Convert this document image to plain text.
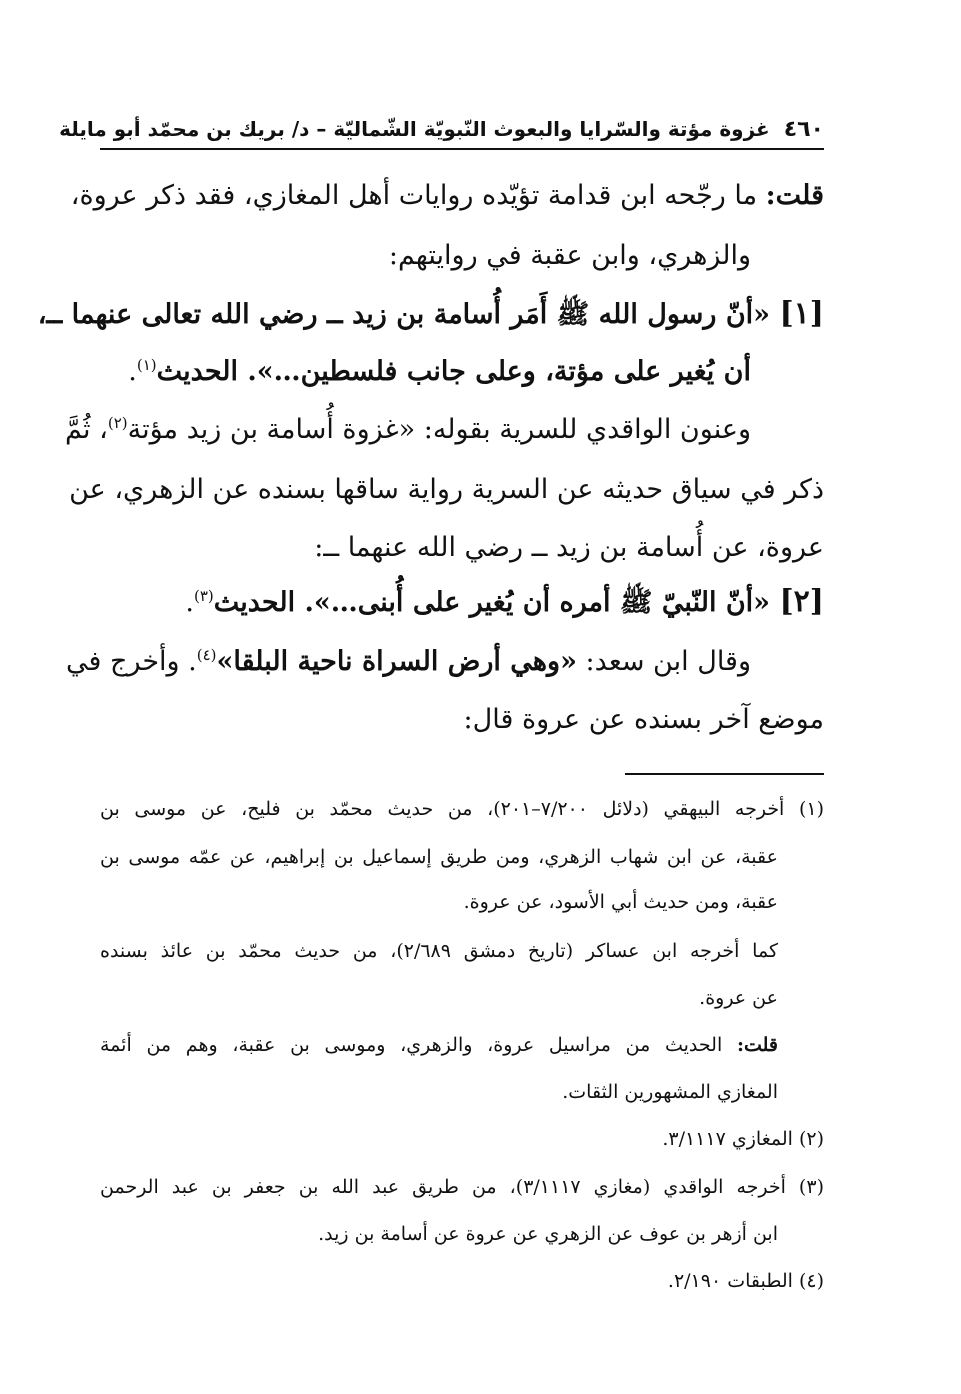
٤٦٠
غزوة مؤتة والسّرايا والبعوث النّبويّة الشّماليّة – د/ بريك بن محمّد أبو مايلة
قلت: ما رجّحه ابن قدامة تؤيّده روايات أهل المغازي، فقد ذكر عروة،
والزهري، وابن عقبة في روايتهم:
[١] «أنّ رسول الله ﷺ أَمَر أُسامة بن زيد ــ رضي الله تعالى عنهما ــ،
أن يُغير على مؤتة، وعلى جانب فلسطين…». الحديث$^{(١)}$.
وعنون الواقدي للسرية بقوله: «غزوة أُسامة بن زيد مؤتة$^{(٢)}$، ثُمَّ
ذكر في سياق حديثه عن السرية رواية ساقها بسنده عن الزهري، عن
عروة، عن أُسامة بن زيد ــ رضي الله عنهما ــ:
[٢] «أنّ النّبيّ ﷺ أمره أن يُغير على أُبنى…». الحديث$^{(٣)}$.
وقال ابن سعد: «وهي أرض السراة ناحية البلقا»$^{(٤)}$. وأخرج في
موضع آخر بسنده عن عروة قال:
(١) أخرجه البيهقي (دلائل ٧/٢٠٠–٢٠١)، من حديث محمّد بن فليح، عن موسى بن
عقبة، عن ابن شهاب الزهري، ومن طريق إسماعيل بن إبراهيم، عن عمّه موسى بن
عقبة، ومن حديث أبي الأسود، عن عروة.
كما أخرجه ابن عساكر (تاريخ دمشق ٢/٦٨٩)، من حديث محمّد بن عائذ بسنده
عن عروة.
قلت: الحديث من مراسيل عروة، والزهري، وموسى بن عقبة، وهم من أئمة
المغازي المشهورين الثقات.
(٢) المغازي ٣/١١١٧.
(٣) أخرجه الواقدي (مغازي ٣/١١١٧)، من طريق عبد الله بن جعفر بن عبد الرحمن
ابن أزهر بن عوف عن الزهري عن عروة عن أسامة بن زيد.
(٤) الطبقات ٢/١٩٠.
